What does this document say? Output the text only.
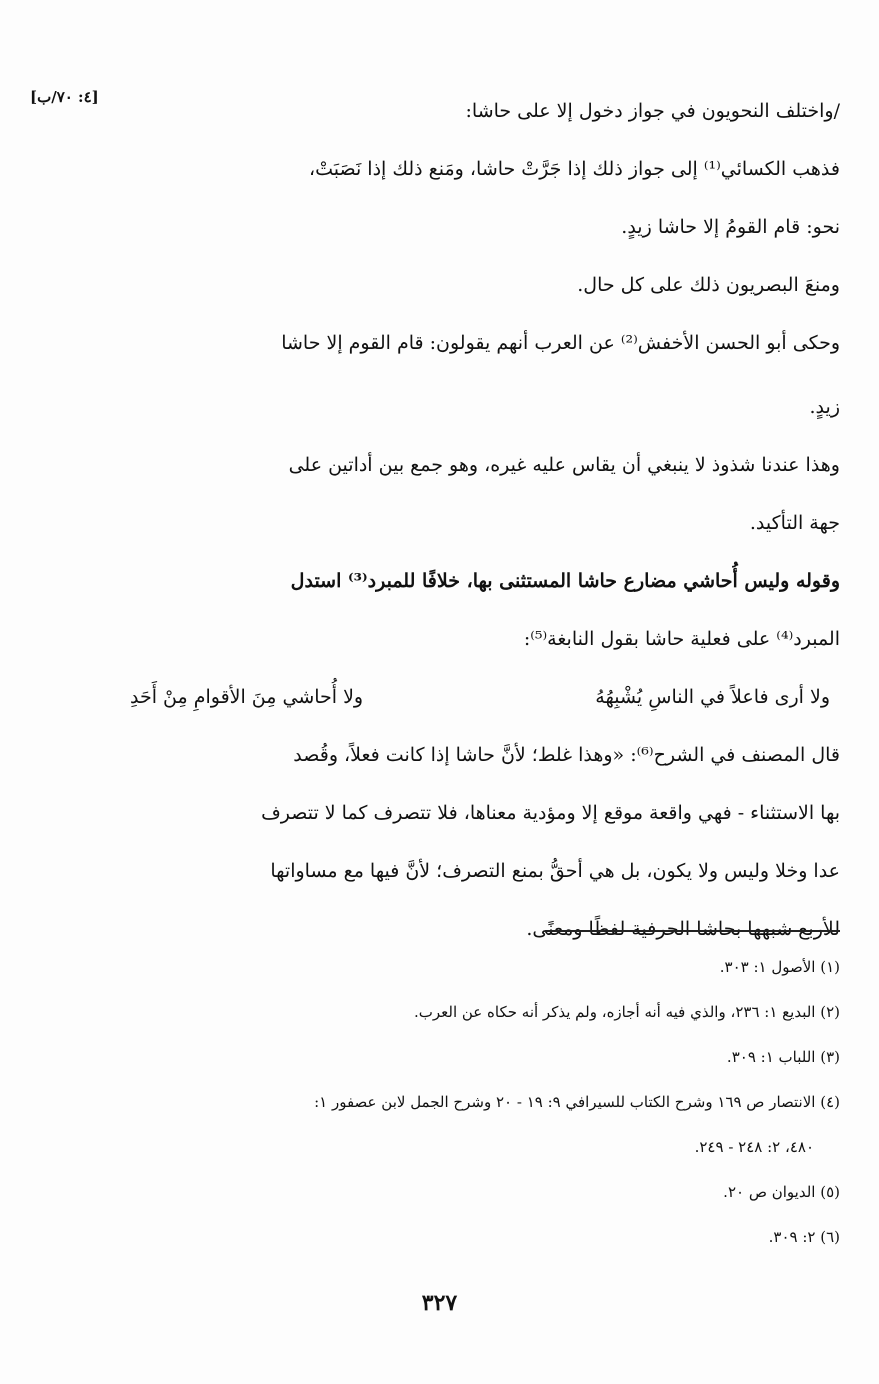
[٤: ٧٠/ب]
/واختلف النحويون في جواز دخول إلا على حاشا:
فذهب الكسائي⁽¹⁾ إلى جواز ذلك إذا جَرَّتْ حاشا، ومَنع ذلك إذا نَصَبَتْ،
نحو: قام القومُ إلا حاشا زيدٍ.
ومنعَ البصريون ذلك على كل حال.
وحكى أبو الحسن الأخفش⁽²⁾ عن العرب أنهم يقولون: قام القوم إلا حاشا
زيدٍ.
وهذا عندنا شذوذ لا ينبغي أن يقاس عليه غيره، وهو جمع بين أداتين على
جهة التأكيد.
وقوله وليس أُحاشي مضارع حاشا المستثنى بها، خلافًا للمبرد⁽³⁾ استدل
المبرد⁽⁴⁾ على فعلية حاشا بقول النابغة⁽⁵⁾:
ولا أرى فاعلاً في الناسِ يُشْبِهُهُ
ولا أُحاشي مِنَ الأقوامِ مِنْ أَحَدِ
قال المصنف في الشرح⁽⁶⁾: «وهذا غلط؛ لأنَّ حاشا إذا كانت فعلاً، وقُصد
بها الاستثناء - فهي واقعة موقع إلا ومؤدية معناها، فلا تتصرف كما لا تتصرف
عدا وخلا وليس ولا يكون، بل هي أحقُّ بمنع التصرف؛ لأنَّ فيها مع مساواتها
للأربع شبهها بحاشا الحرفية لفظًا ومعنًى.
(١) الأصول ١: ٣٠٣.
(٢) البديع ١: ٢٣٦، والذي فيه أنه أجازه، ولم يذكر أنه حكاه عن العرب.
(٣) اللباب ١: ٣٠٩.
(٤) الانتصار ص ١٦٩ وشرح الكتاب للسيرافي ٩: ١٩ - ٢٠ وشرح الجمل لابن عصفور ١:
٤٨٠، ٢: ٢٤٨ - ٢٤٩.
(٥) الديوان ص ٢٠.
(٦) ٢: ٣٠٩.
٣٢٧
